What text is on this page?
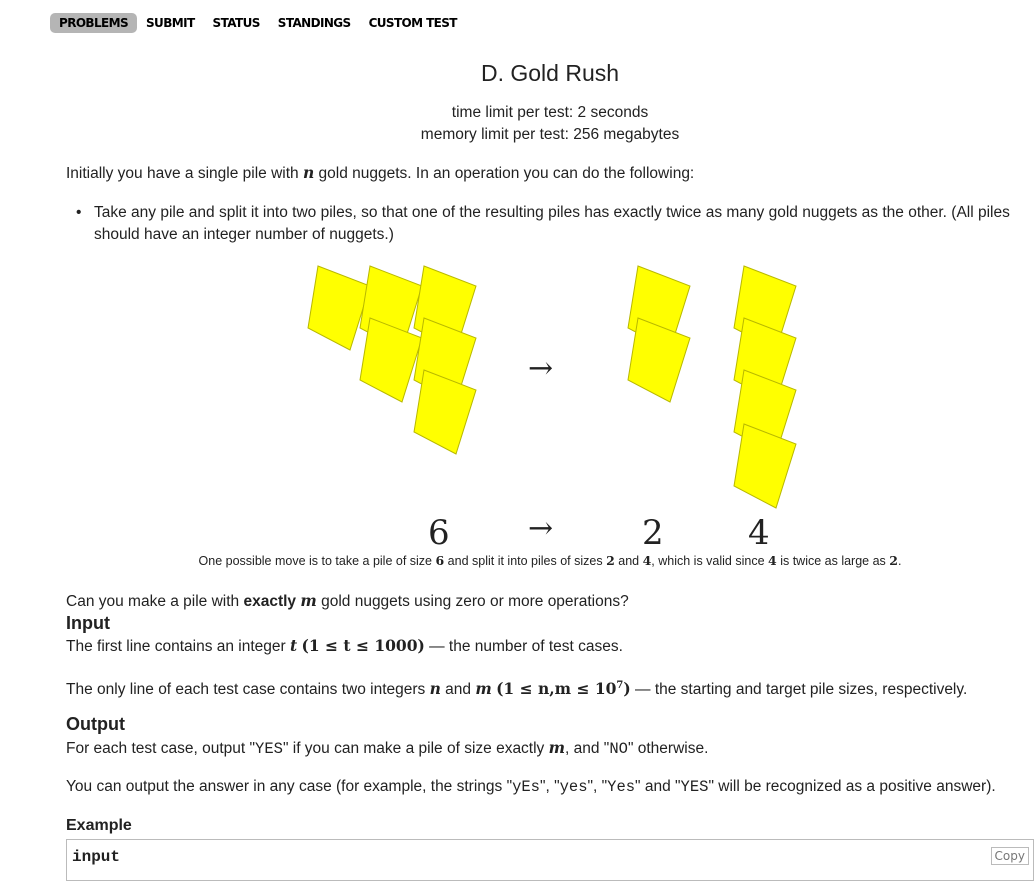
PROBLEMS	SUBMIT	STATUS	STANDINGS	CUSTOM TEST
D. Gold Rush
time limit per test: 2 seconds
memory limit per test: 256 megabytes
Initially you have a single pile with n gold nuggets. In an operation you can do the following:
• Take any pile and split it into two piles, so that one of the resulting piles has exactly twice as many gold nuggets as the other. (All piles should have an integer number of nuggets.)
→
6	→	2 4
One possible move is to take a pile of size 6 and split it into piles of sizes 2 and 4, which is valid since 4 is twice as large as 2.
Can you make a pile with exactly m gold nuggets using zero or more operations?
Input
The first line contains an integer t (1 ≤ t ≤ 1000) — the number of test cases.
The only line of each test case contains two integers n and m $(1 \le n,m \le 10^7)$ — the starting and target pile sizes, respectively.
Output
For each test case, output "YES" if you can make a pile of size exactly m, and "NO" otherwise.
You can output the answer in any case (for example, the strings "yEs", "yes", "Yes" and "YES" will be recognized as a positive answer).
Example
input	Copy
